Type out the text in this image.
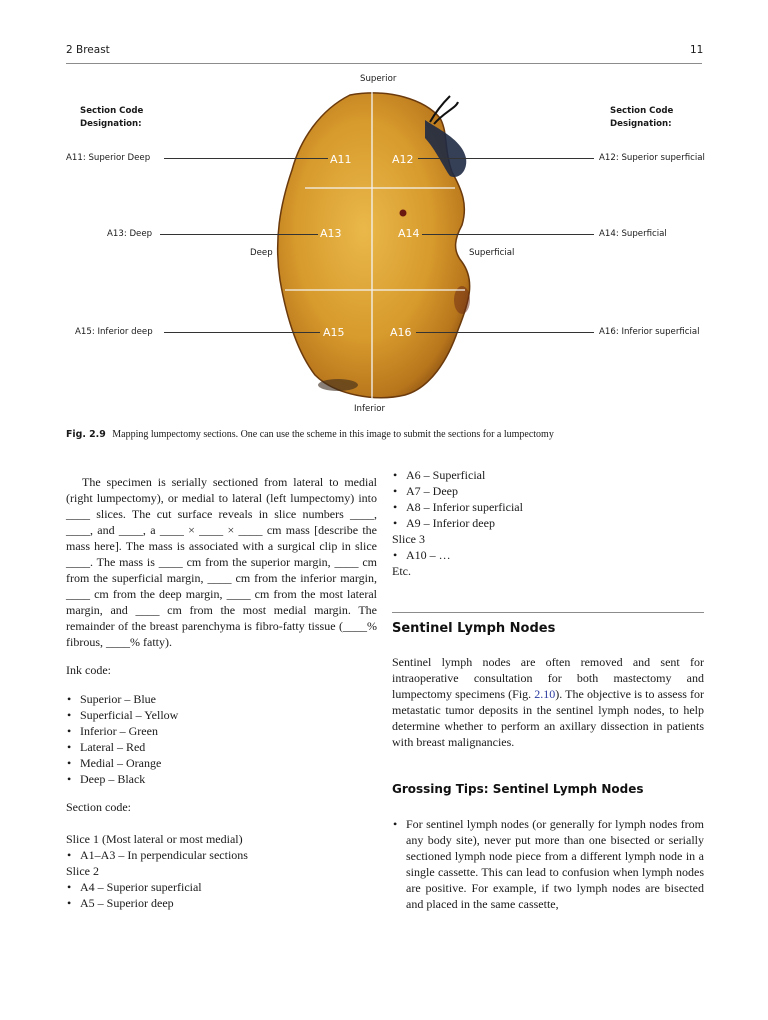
2 Breast	11
Superior
Inferior
Deep	Superficial
A11	A12
A13	A14
A15	A16
Section Code
Designation:
Section Code
Designation:
A11: Superior Deep
A13: Deep
A15: Inferior deep
A12: Superior superficial
A14: Superficial
A16: Inferior superficial
Fig. 2.9 Mapping lumpectomy sections. One can use the scheme in this image to submit the sections for a lumpectomy

The specimen is serially sectioned from lateral to medial (right lumpectomy), or medial to lateral (left lumpectomy) into ____ slices. The cut surface reveals in slice numbers ____, ____, and ____, a ____ × ____ × ____ cm mass [describe the mass here]. The mass is associated with a surgical clip in slice ____. The mass is ____ cm from the superior margin, ____ cm from the superficial margin, ____ cm from the inferior margin, ____ cm from the deep margin, ____ cm from the most lateral margin, and ____ cm from the most medial margin. The remainder of the breast parenchyma is fibro-fatty tissue (____% fibrous, ____% fatty).

Ink code:

• Superior – Blue
• Superficial – Yellow
• Inferior – Green
• Lateral – Red
• Medial – Orange
• Deep – Black

Section code:

Slice 1 (Most lateral or most medial)

• A1–A3 – In perpendicular sections

Slice 2

• A4 – Superior superficial
• A5 – Superior deep
• A6 – Superficial
• A7 – Deep
• A8 – Inferior superficial
• A9 – Inferior deep

Slice 3

• A10 – …

Etc.

Sentinel Lymph Nodes

Sentinel lymph nodes are often removed and sent for intraoperative consultation for both mastectomy and lumpectomy specimens (Fig. 2.10). The objective is to assess for metastatic tumor deposits in the sentinel lymph nodes, to help determine whether to perform an axillary dissection in patients with breast malignancies.

Grossing Tips: Sentinel Lymph Nodes
• For sentinel lymph nodes (or generally for lymph nodes from any body site), never put more than one bisected or serially sectioned lymph node piece from a different lymph node in a single cassette. This can lead to confusion when lymph nodes are positive. For example, if two lymph nodes are bisected and placed in the same cassette,
